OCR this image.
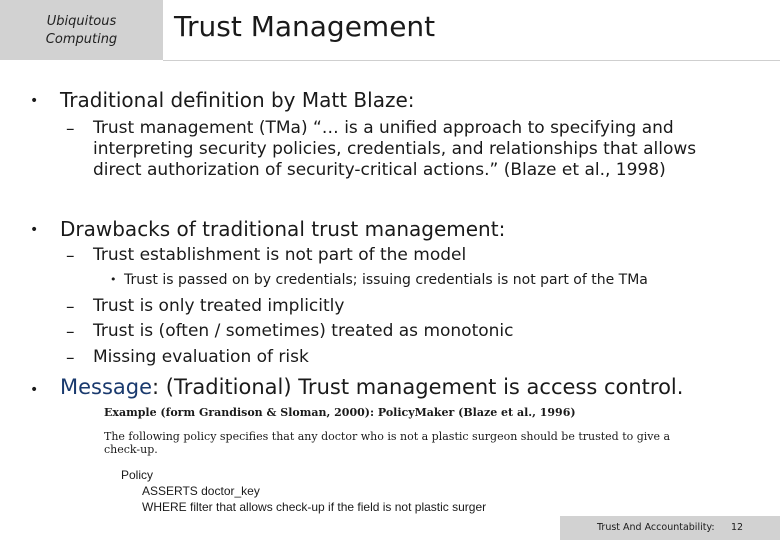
Ubiquitous
Computing	Trust Management
• Traditional definition by Matt Blaze:
– Trust management (TMa) “… is a unified approach to specifying and
interpreting security policies, credentials, and relationships that allows
direct authorization of security-critical actions.” (Blaze et al., 1998)
• Drawbacks of traditional trust management:
– Trust establishment is not part of the model
• Trust is passed on by credentials; issuing credentials is not part of the TMa
– Trust is only treated implicitly
– Trust is (often / sometimes) treated as monotonic
– Missing evaluation of risk
• Message: (Traditional) Trust management is access control.
Example (form Grandison & Sloman, 2000): PolicyMaker (Blaze et al., 1996)
The following policy specifies that any doctor who is not a plastic surgeon should be trusted to give a
check-up.
Policy
ASSERTS doctor_key
WHERE filter that allows check-up if the field is not plastic surger
Trust And Accountability: 12
